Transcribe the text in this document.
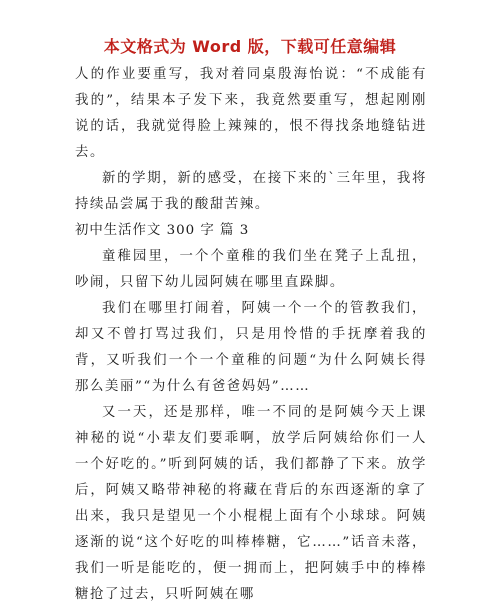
本文格式为 Word 版，下载可任意编辑

人的作业要重写，我对着同桌殷海怡说：“不成能有我的”，结果本子发下来，我竟然要重写，想起刚刚说的话，我就觉得脸上辣辣的，恨不得找条地缝钻进去。

新的学期，新的感受，在接下来的`三年里，我将持续品尝属于我的酸甜苦辣。

初中生活作文 300 字 篇 3

童稚园里，一个个童稚的我们坐在凳子上乱扭，吵闹，只留下幼儿园阿姨在哪里直跺脚。

我们在哪里打闹着，阿姨一个一个的管教我们，却又不曾打骂过我们，只是用怜惜的手抚摩着我的背，又听我们一个一个童稚的问题“为什么阿姨长得那么美丽”“为什么有爸爸妈妈”……

又一天，还是那样，唯一不同的是阿姨今天上课神秘的说“小辈友们要乖啊，放学后阿姨给你们一人一个好吃的。”听到阿姨的话，我们都静了下来。放学后，阿姨又略带神秘的将藏在背后的东西逐渐的拿了出来，我只是望见一个小棍棍上面有个小球球。阿姨逐渐的说“这个好吃的叫棒棒糖，它……”话音未落，我们一听是能吃的，便一拥而上，把阿姨手中的棒棒糖抢了过去，只听阿姨在哪
